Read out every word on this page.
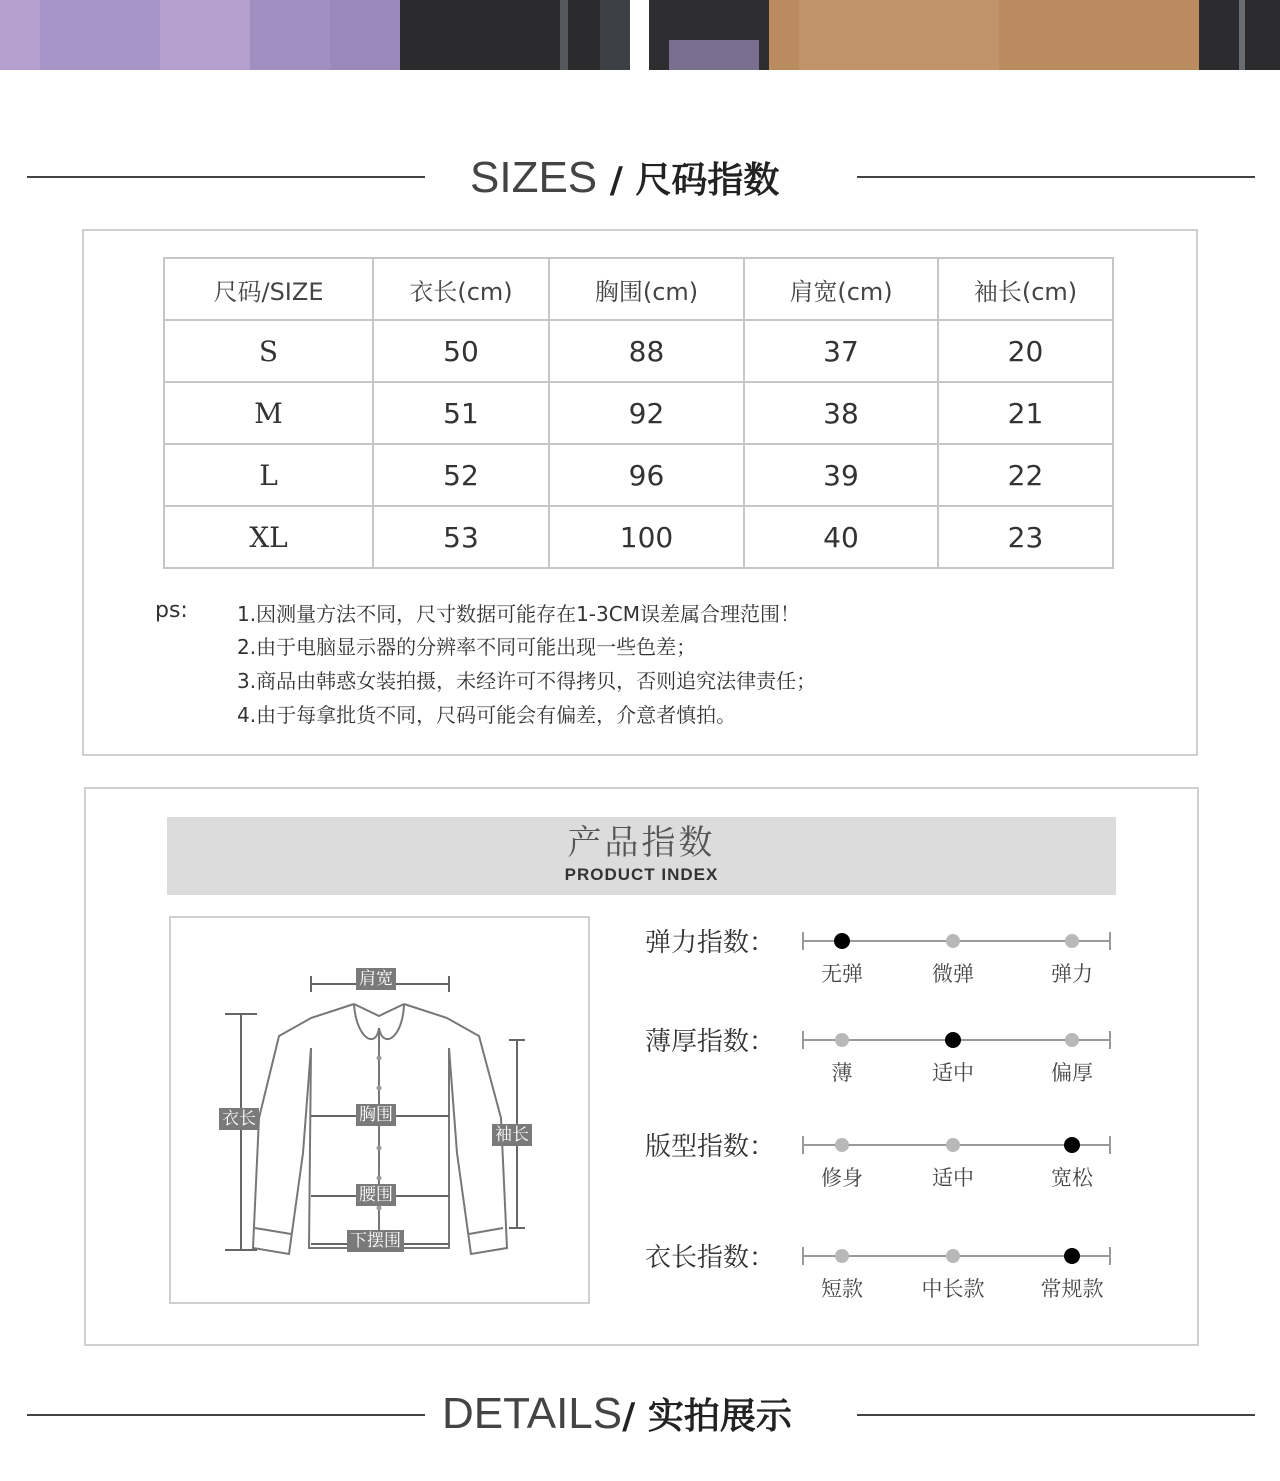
SIZES / 尺码指数
尺码/SIZE	衣长(cm)	胸围(cm)	肩宽(cm)	袖长(cm)
S	50	88	37	20
M	51	92	38	21
L	52	96	39	22
XL	53	100	40	23
ps: 1.因测量方法不同，尺寸数据可能存在1-3CM误差属合理范围！
2.由于电脑显示器的分辨率不同可能出现一些色差；
3.商品由韩惑女装拍摄，未经许可不得拷贝，否则追究法律责任；
4.由于每拿批货不同，尺码可能会有偏差，介意者慎拍。
产品指数
PRODUCT INDEX
肩宽
衣长	胸围
袖长
腰围
下摆围
弹力指数：
无弹	微弹	弹力
薄厚指数：
薄	适中	偏厚
版型指数：
修身	适中	宽松
衣长指数：
短款	中长款	常规款
DETAILS/ 实拍展示
